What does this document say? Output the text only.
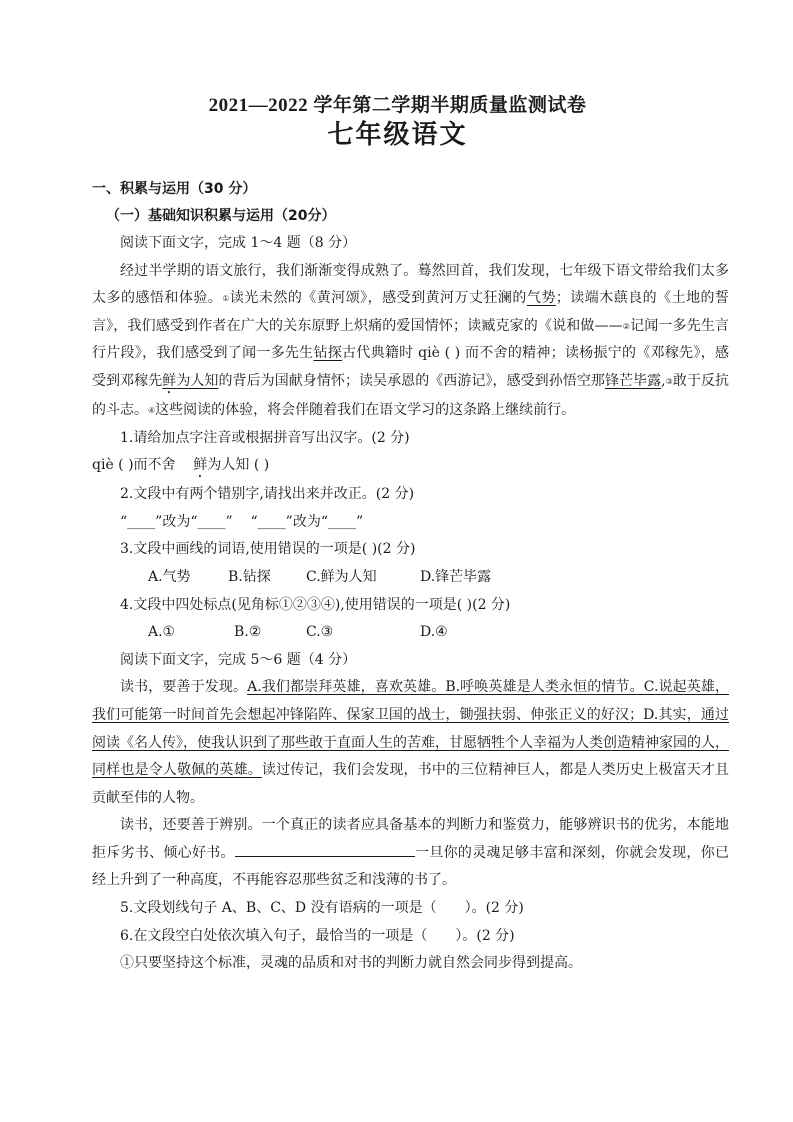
2021—2022 学年第二学期半期质量监测试卷
七年级语文
一、积累与运用（30 分）
（一）基础知识积累与运用（20分）

阅读下面文字，完成 1～4 题（8 分）

经过半学期的语文旅行，我们渐渐变得成熟了。蓦然回首，我们发现，七年级下语文带给我们太多太多的感悟和体验。①读光未然的《黄河颂》，感受到黄河万丈狂澜的气势；读端木蕻良的《土地的誓言》，我们感受到作者在广大的关东原野上炽痛的爱国情怀；读臧克家的《说和做——②记闻一多先生言行片段》，我们感受到了闻一多先生钻探古代典籍时 qiè ( ) 而不舍的精神；读杨振宁的《邓稼先》，感受到邓稼先鲜为人知的背后为国献身情怀；读吴承恩的《西游记》，感受到孙悟空那锋芒毕露,③敢于反抗的斗志。④这些阅读的体验，将会伴随着我们在语文学习的这条路上继续前行。

1.请给加点字注音或根据拼音写出汉字。(2 分)

qiè ( )而不舍 鲜为人知 ( )

2.文段中有两个错别字,请找出来并改正。(2 分)

“____”改为“____” “____”改为“____”

3.文段中画线的词语,使用错误的一项是( )(2 分)

A.气势	B.钻探	C.鲜为人知	D.锋芒毕露

4.文段中四处标点(见角标①②③④),使用错误的一项是( )(2 分)

A.①	B.②	C.③	D.④

阅读下面文字，完成 5～6 题（4 分）

读书，要善于发现。A.我们都崇拜英雄，喜欢英雄。B.呼唤英雄是人类永恒的情节。C.说起英雄，我们可能第一时间首先会想起冲锋陷阵、保家卫国的战士，锄强扶弱、伸张正义的好汉；D.其实，通过阅读《名人传》，使我认识到了那些敢于直面人生的苦难，甘愿牺牲个人幸福为人类创造精神家园的人，同样也是令人敬佩的英雄。读过传记，我们会发现，书中的三位精神巨人，都是人类历史上极富天才且贡献至伟的人物。

读书，还要善于辨别。一个真正的读者应具备基本的判断力和鉴赏力，能够辨识书的优劣，本能地拒斥劣书、倾心好书。	一旦你的灵魂足够丰富和深刻，你就会发现，你已经上升到了一种高度，不再能容忍那些贫乏和浅薄的书了。

5.文段划线句子 A、B、C、D 没有语病的一项是（　　）。(2 分)

6.在文段空白处依次填入句子，最恰当的一项是（　　）。(2 分)

①只要坚持这个标准，灵魂的品质和对书的判断力就自然会同步得到提高。
